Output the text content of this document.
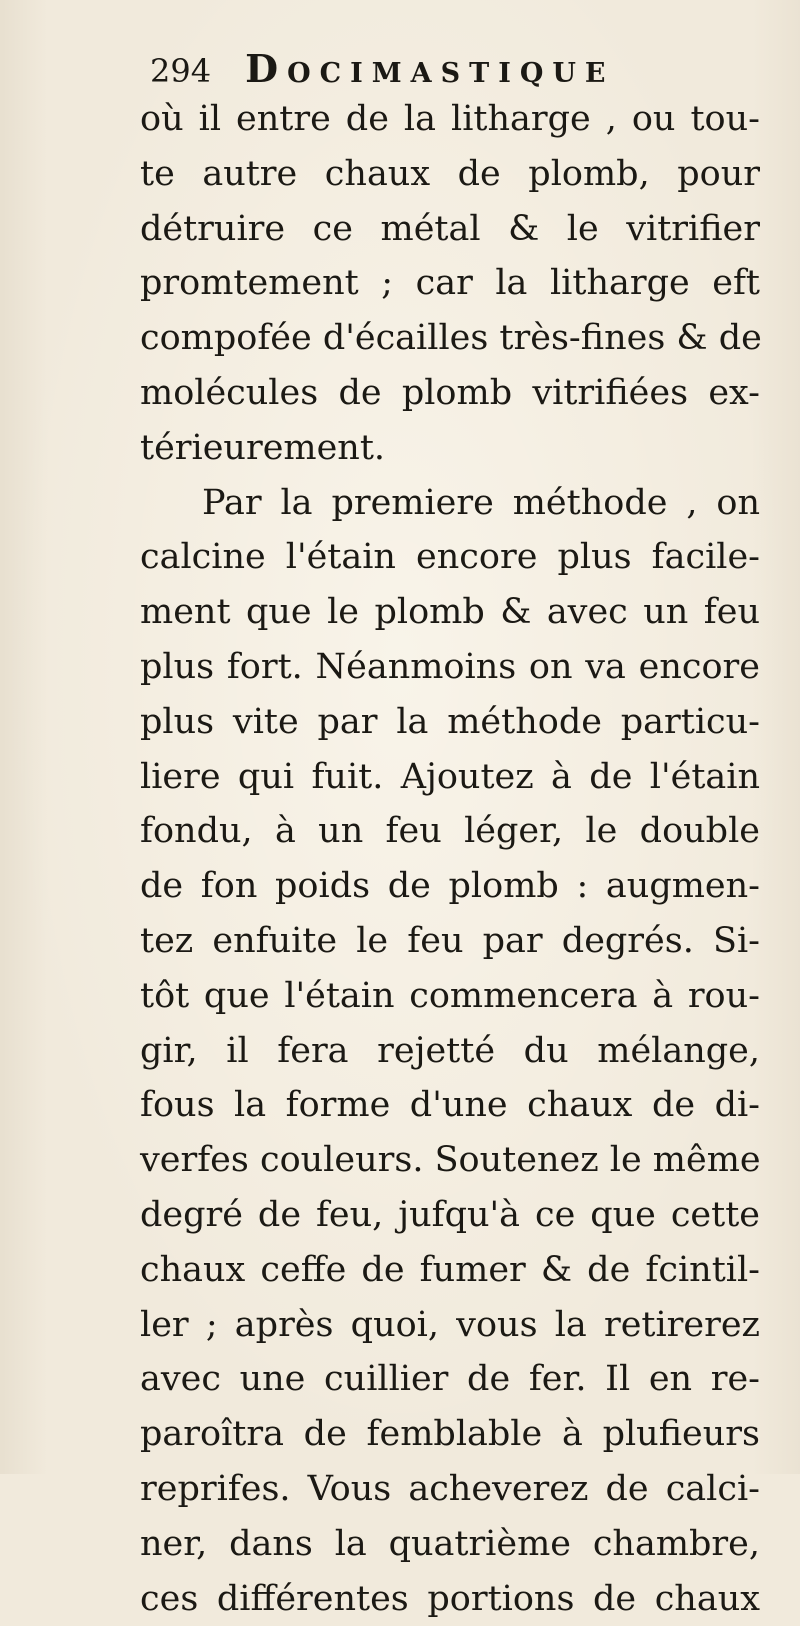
294 Docimastique
où il entre de la litharge , ou tou-
te autre chaux de plomb, pour
détruire ce métal & le vitrifier
promtement ; car la litharge eft
compofée d'écailles très-fines & de
molécules de plomb vitrifiées ex-
térieurement.
Par la premiere méthode , on
calcine l'étain encore plus facile-
ment que le plomb & avec un feu
plus fort. Néanmoins on va encore
plus vite par la méthode particu-
liere qui fuit. Ajoutez à de l'étain
fondu, à un feu léger, le double
de fon poids de plomb : augmen-
tez enfuite le feu par degrés. Si-
tôt que l'étain commencera à rou-
gir, il fera rejetté du mélange,
fous la forme d'une chaux de di-
verfes couleurs. Soutenez le même
degré de feu, jufqu'à ce que cette
chaux ceffe de fumer & de fcintil-
ler ; après quoi, vous la retirerez
avec une cuillier de fer. Il en re-
paroîtra de femblable à plufieurs
reprifes. Vous acheverez de calci-
ner, dans la quatrième chambre,
ces différentes portions de chaux
